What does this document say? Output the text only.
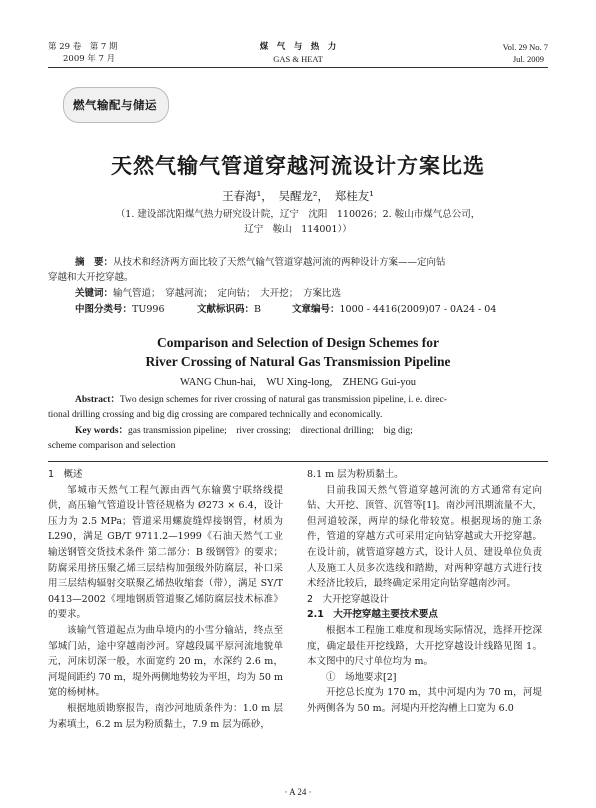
第 29 卷　第 7 期
2009 年 7 月
煤　气　与　热　力
GAS & HEAT
Vol. 29 No. 7
Jul. 2009
燃气输配与储运
天然气输气管道穿越河流设计方案比选
王春海¹，　吴醒龙²，　郑桂友¹
（1. 建设部沈阳煤气热力研究设计院，辽宁　沈阳　110026；2. 鞍山市煤气总公司，
辽宁　鞍山　114001））
摘　要：从技术和经济两方面比较了天然气输气管道穿越河流的两种设计方案——定向钻
穿越和大开挖穿越。
关键词：输气管道；　穿越河流；　定向钻；　大开挖；　方案比选
中图分类号：TU996	文献标识码：B	文章编号：1000 - 4416(2009)07 - 0A24 - 04
Comparison and Selection of Design Schemes for
River Crossing of Natural Gas Transmission Pipeline
WANG Chun-hai,　WU Xing-long,　ZHENG Gui-you
Abstract：Two design schemes for river crossing of natural gas transmission pipeline, i. e. direc-
tional drilling crossing and big dig crossing are compared technically and economically.
Key words：gas transmission pipeline;　river crossing;　directional drilling;　big dig;
scheme comparison and selection

1　概述

邹城市天然气工程气源由西气东输冀宁联络线提供，高压输气管道设计管径规格为 Ø273 × 6.4，设计压力为 2.5 MPa；管道采用螺旋缝焊接钢管，材质为 L290，满足 GB/T 9711.2—1999《石油天然气工业输送钢管交货技术条件 第二部分：B 级钢管》的要求；防腐采用挤压聚乙烯三层结构加强级外防腐层，补口采用三层结构辐射交联聚乙烯热收缩套（带），满足 SY/T 0413—2002《埋地钢质管道聚乙烯防腐层技术标准》的要求。

该输气管道起点为曲阜境内的小雪分输站，终点至邹城门站，途中穿越南沙河。穿越段属平原河流地貌单元，河床切深一般，水面宽约 20 m，水深约 2.6 m，河堤间距约 70 m，堤外两侧地势较为平坦，均为 50 m 宽的杨树林。

根据地质勘察报告，南沙河地质条件为：1.0 m 层为素填土，6.2 m 层为粉质黏土，7.9 m 层为砾砂，

8.1 m 层为粉质黏土。

目前我国天然气管道穿越河流的方式通常有定向钻、大开挖、顶管、沉管等[1]。南沙河汛期流量不大，但河道较深，两岸的绿化带较宽。根据现场的施工条件，管道的穿越方式可采用定向钻穿越或大开挖穿越。在设计前，就管道穿越方式，设计人员、建设单位负责人及施工人员多次选线和踏勘，对两种穿越方式进行技术经济比较后，最终确定采用定向钻穿越南沙河。

2　大开挖穿越设计

2.1　大开挖穿越主要技术要点

根据本工程施工难度和现场实际情况，选择开挖深度，确定最佳开挖线路，大开挖穿越设计线路见图 1。本文图中的尺寸单位均为 m。

①　场地要求[2]

开挖总长度为 170 m，其中河堤内为 70 m，河堤外两侧各为 50 m。河堤内开挖沟槽上口宽为 6.0

· A 24 ·
